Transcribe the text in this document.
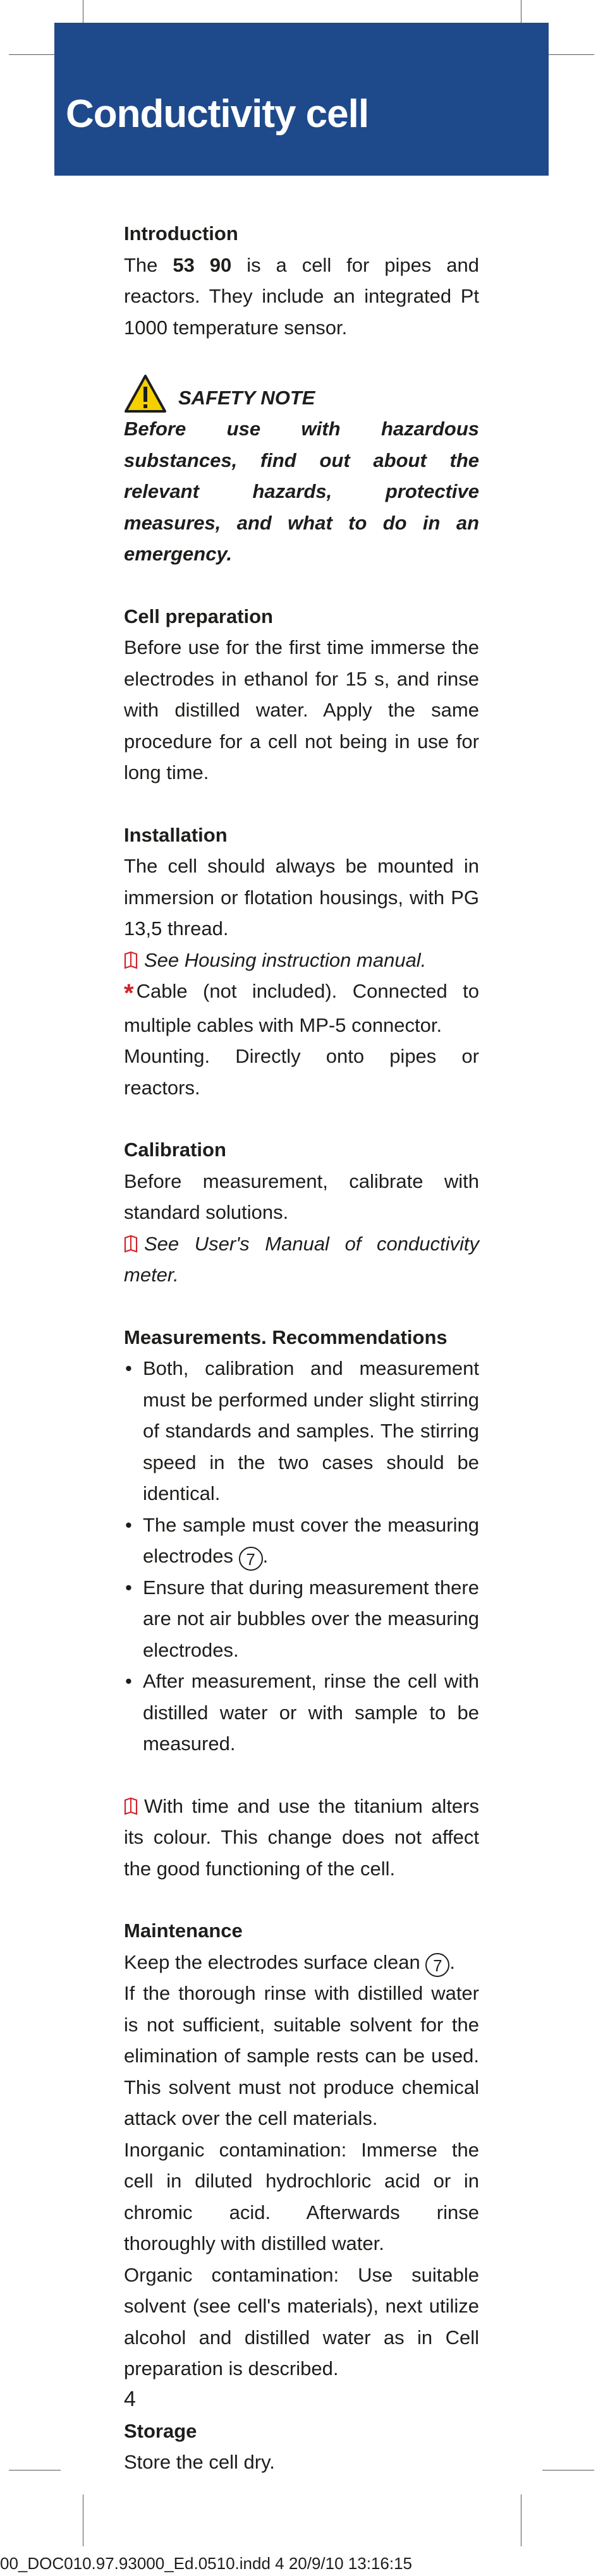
Conductivity cell

Introduction

The 53 90 is a cell for pipes and reactors. They include an integrated Pt 1000 temperature sensor.

SAFETY NOTE

Before use with hazardous substances, find out about the relevant hazards, protective measures, and what to do in an emergency.

Cell preparation

Before use for the first time immerse the electrodes in ethanol for 15 s, and rinse with distilled water. Apply the same procedure for a cell not being in use for long time.

Installation

The cell should always be mounted in immersion or flotation housings, with PG 13,5 thread.

See Housing instruction manual.

* Cable (not included). Connected to multiple cables with MP-5 connector.

Mounting. Directly onto pipes or reactors.

Calibration

Before measurement, calibrate with standard solutions.

See User's Manual of conductivity meter.

Measurements. Recommendations

• Both, calibration and measurement must be performed under slight stirring of standards and samples. The stirring speed in the two cases should be identical.
• The sample must cover the measuring electrodes 7 .
• Ensure that during measurement there are not air bubbles over the measuring electrodes.
• After measurement, rinse the cell with distilled water or with sample to be measured.

With time and use the titanium alters its colour. This change does not affect the good functioning of the cell.

Maintenance

Keep the electrodes surface clean 7 .

If the thorough rinse with distilled water is not sufficient, suitable solvent for the elimination of sample rests can be used. This solvent must not produce chemical attack over the cell materials.

Inorganic contamination: Immerse the cell in diluted hydrochloric acid or in chromic acid. Afterwards rinse thoroughly with distilled water.

Organic contamination: Use suitable solvent (see cell's materials), next utilize alcohol and distilled water as in Cell preparation is described.

Storage

Store the cell dry.

4
00_DOC010.97.93000_Ed.0510.indd 4 20/9/10 13:16:15
